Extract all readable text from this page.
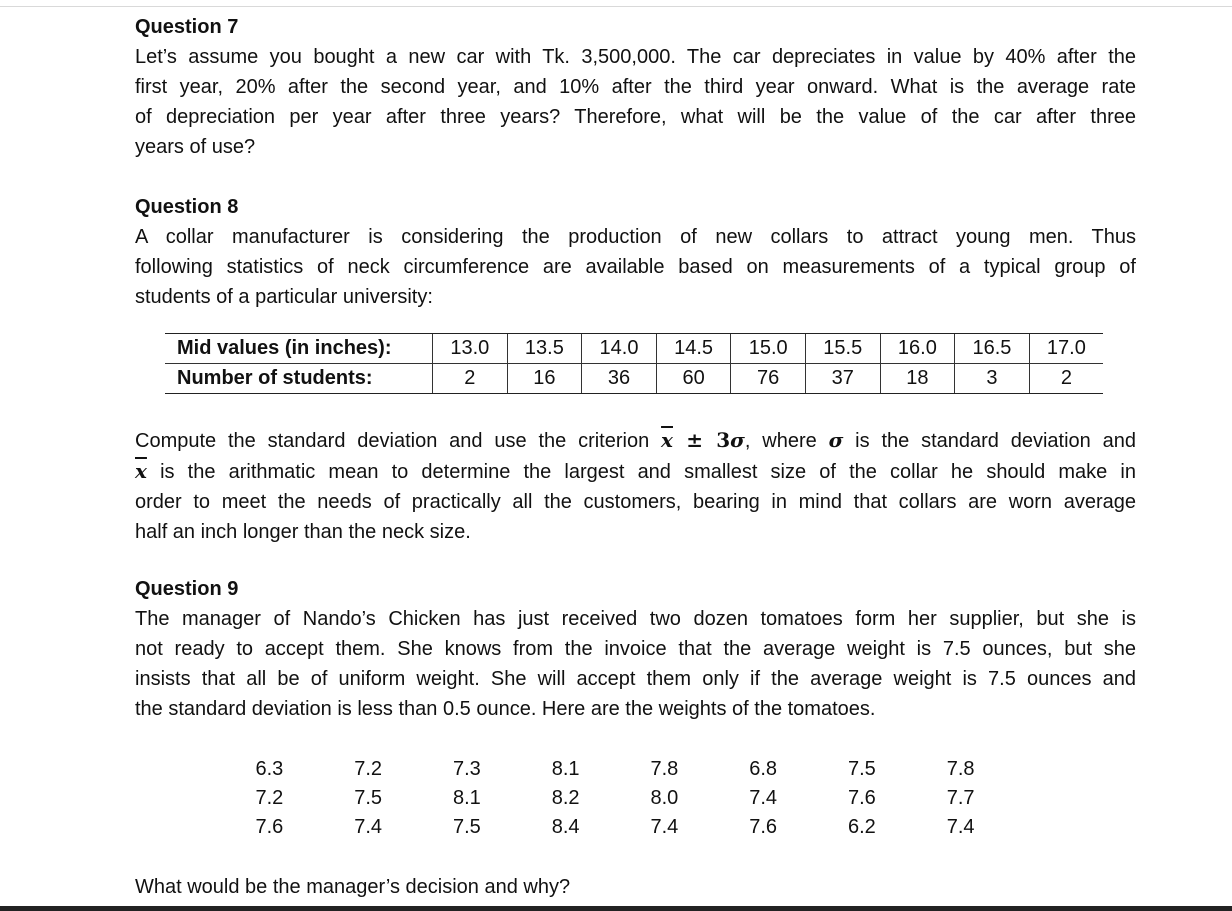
Question 7
Let’s assume you bought a new car with Tk. 3,500,000. The car depreciates in value by 40% after the
first year, 20% after the second year, and 10% after the third year onward. What is the average rate
of depreciation per year after three years? Therefore, what will be the value of the car after three
years of use?
Question 8
A collar manufacturer is considering the production of new collars to attract young men. Thus
following statistics of neck circumference are available based on measurements of a typical group of
students of a particular university:
Mid values (in inches):	13.0	13.5	14.0	14.5	15.0	15.5	16.0	16.5	17.0
Number of students:	2	16	36	60	76	37	18	3	2
Compute the standard deviation and use the criterion $\overline{x} \pm 3\sigma$, where σ is the standard deviation and
$\overline{x}$ is the arithmatic mean to determine the largest and smallest size of the collar he should make in
order to meet the needs of practically all the customers, bearing in mind that collars are worn average
half an inch longer than the neck size.
Question 9
The manager of Nando’s Chicken has just received two dozen tomatoes form her supplier, but she is
not ready to accept them. She knows from the invoice that the average weight is 7.5 ounces, but she
insists that all be of uniform weight. She will accept them only if the average weight is 7.5 ounces and
the standard deviation is less than 0.5 ounce. Here are the weights of the tomatoes.
6.3	7.2	7.3	8.1	7.8	6.8	7.5	7.8
7.2	7.5	8.1	8.2	8.0	7.4	7.6	7.7
7.6	7.4	7.5	8.4	7.4	7.6	6.2	7.4

What would be the manager’s decision and why?
